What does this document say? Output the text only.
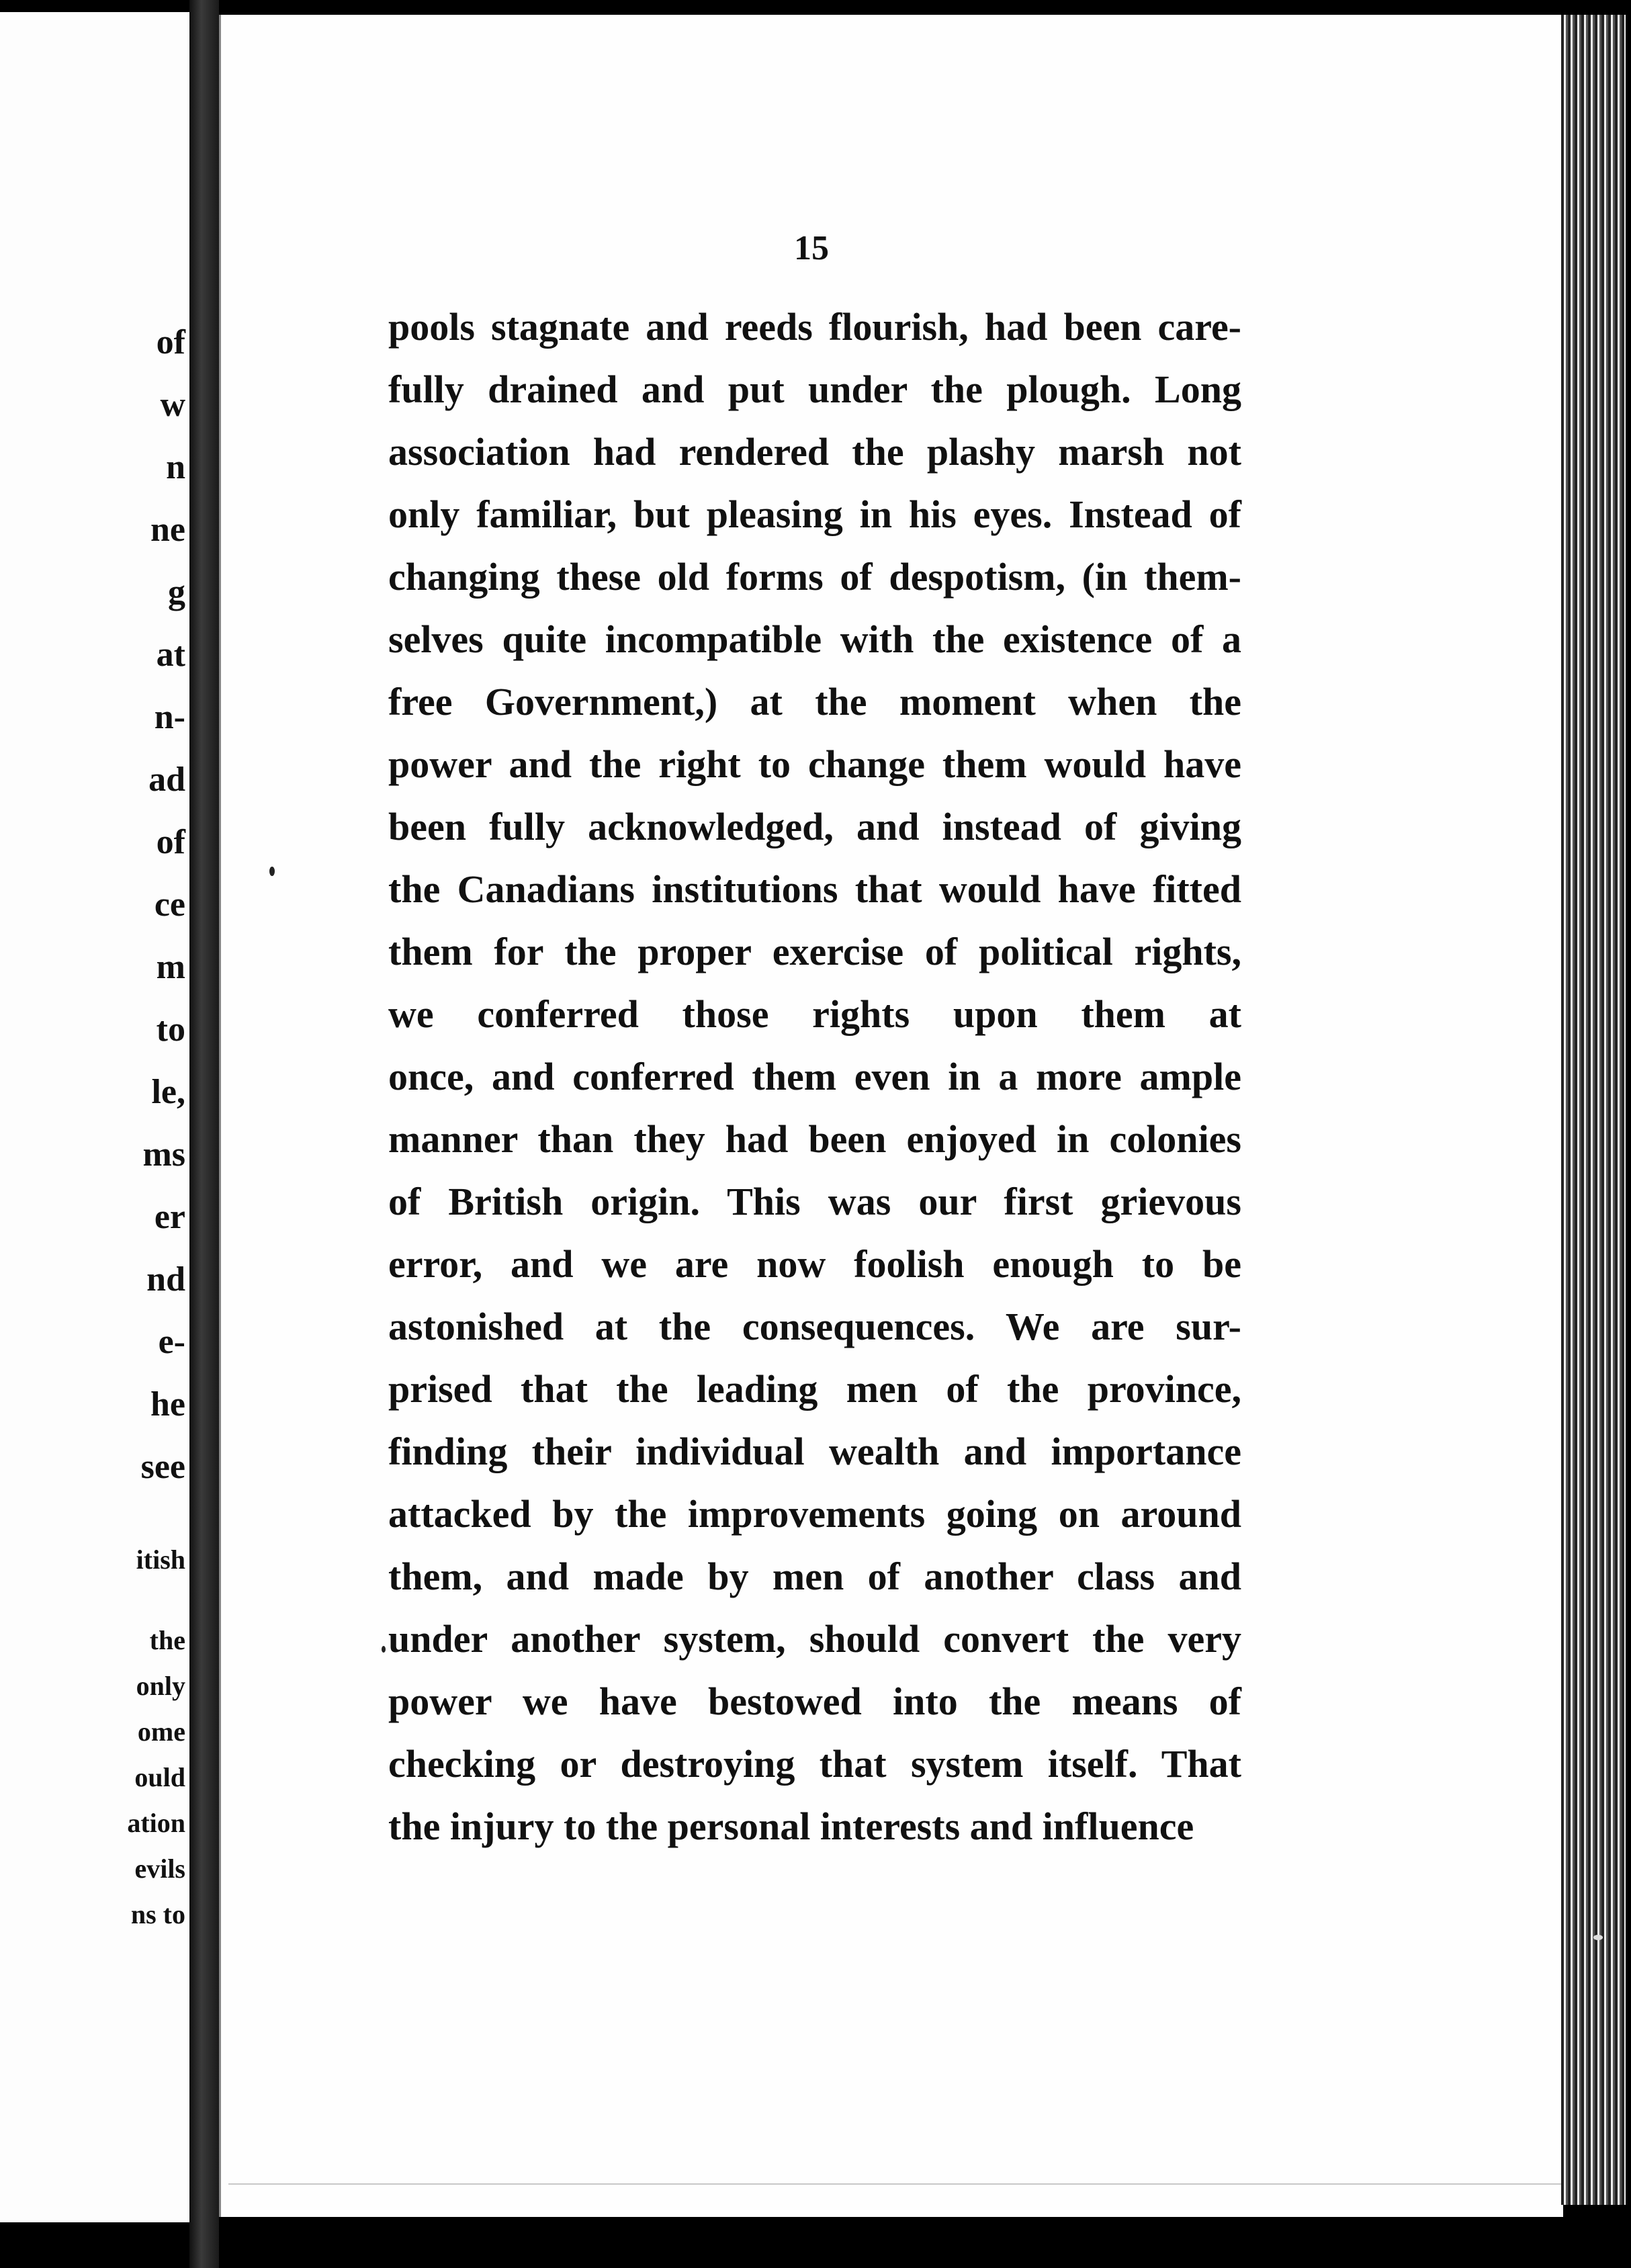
of
w
n
ne
g
at
n-
ad
of
ce
m
to
le,
ms
er
nd
e-
he
see
itish
the
only
ome
ould
ation
evils
ns to
15
pools stagnate and reeds flourish, had been care-
fully drained and put under the plough. Long
association had rendered the plashy marsh not
only familiar, but pleasing in his eyes. Instead of
changing these old forms of despotism, (in them-
selves quite incompatible with the existence of a
free Government,) at the moment when the
power and the right to change them would have
been fully acknowledged, and instead of giving
the Canadians institutions that would have fitted
them for the proper exercise of political rights,
we conferred those rights upon them at
once, and conferred them even in a more ample
manner than they had been enjoyed in colonies
of British origin. This was our first grievous
error, and we are now foolish enough to be
astonished at the consequences. We are sur-
prised that the leading men of the province,
finding their individual wealth and importance
attacked by the improvements going on around
them, and made by men of another class and
under another system, should convert the very
power we have bestowed into the means of
checking or destroying that system itself. That
the injury to the personal interests and influence
